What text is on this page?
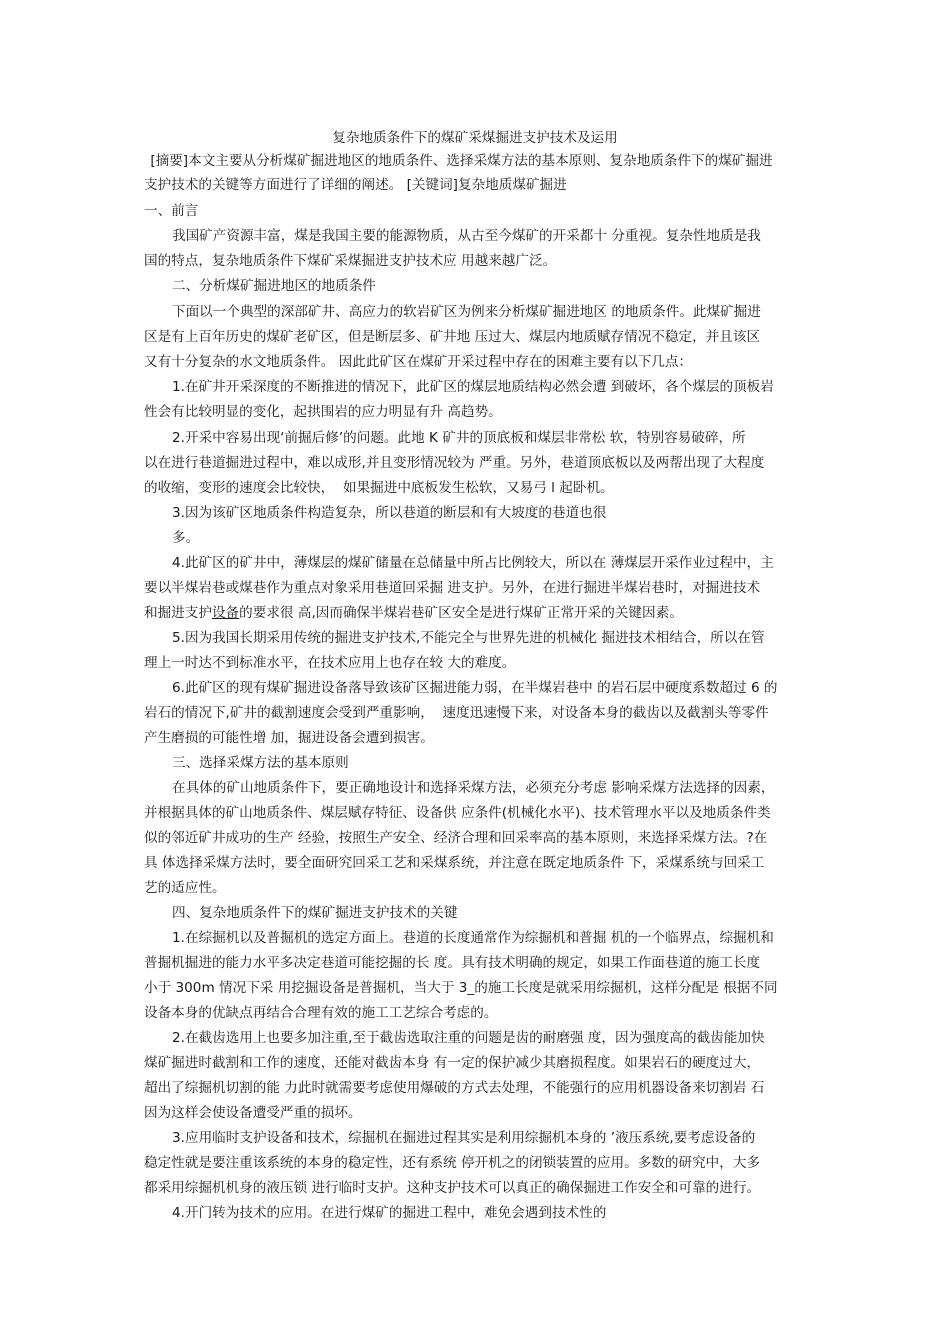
复杂地质条件下的煤矿采煤掘进支护技术及运用
[摘要]本文主要从分析煤矿掘进地区的地质条件、选择采煤方法的基本原则、复杂地质条件下的煤矿掘进
支护技术的关键等方面进行了详细的阐述。 [关键词]复杂地质煤矿掘进
一、前言
我国矿产资源丰富，煤是我国主要的能源物质，从古至今煤矿的开采都十 分重视。复杂性地质是我
国的特点，复杂地质条件下煤矿采煤掘进支护技术应 用越来越广泛。
二、分析煤矿掘进地区的地质条件
下面以一个典型的深部矿井、高应力的软岩矿区为例来分析煤矿掘进地区 的地质条件。此煤矿掘进
区是有上百年历史的煤矿老矿区，但是断层多、矿井地 压过大、煤层内地质赋存情况不稳定，并且该区
又有十分复杂的水文地质条件。 因此此矿区在煤矿开采过程中存在的困难主要有以下几点：
1.在矿井开采深度的不断推进的情况下，此矿区的煤层地质结构必然会遭 到破坏，各个煤层的顶板岩
性会有比较明显的变化，起拱围岩的应力明显有升 高趋势。
2.开采中容易出现‘前掘后修’的问题。此地 K 矿井的顶底板和煤层非常松 软，特别容易破碎，所
以在进行巷道掘进过程中，难以成形,并且变形情况较为 严重。另外，巷道顶底板以及两帮出现了大程度
的收缩，变形的速度会比较快，  如果掘进中底板发生松软，又易弓 l 起卧机。
3.因为该矿区地质条件构造复杂，所以巷道的断层和有大坡度的巷道也很
多。
4.此矿区的矿井中，薄煤层的煤矿储量在总储量中所占比例较大，所以在 薄煤层开采作业过程中，主
要以半煤岩巷或煤巷作为重点对象采用巷道回采掘 进支护。另外，在进行掘进半煤岩巷时，对掘进技术
和掘进支护设备的要求很 高,因而确保半煤岩巷矿区安全是进行煤矿正常开采的关键因素。
5.因为我国长期采用传统的掘进支护技术,不能完全与世界先进的机械化 掘进技术相结合，所以在管
理上一时达不到标准水平，在技术应用上也存在较 大的难度。
6.此矿区的现有煤矿掘进设备落导致该矿区掘进能力弱，在半煤岩巷中 的岩石层中硬度系数超过 6 的
岩石的情况下,矿井的截割速度会受到严重影响，  速度迅速慢下来，对设备本身的截齿以及截割头等零件
产生磨损的可能性增 加，掘进设备会遭到损害。
三、选择采煤方法的基本原则
在具体的矿山地质条件下，要正确地设计和选择采煤方法，必须充分考虑 影响采煤方法选择的因素，
并根据具体的矿山地质条件、煤层赋存特征、设备供 应条件(机械化水平)、技术管理水平以及地质条件类
似的邻近矿井成功的生产 经验，按照生产安全、经济合理和回采率高的基本原则，来选择采煤方法。?在
具 体选择采煤方法时，要全面研究回采工艺和采煤系统，并注意在既定地质条件 下，采煤系统与回采工
艺的适应性。
四、复杂地质条件下的煤矿掘进支护技术的关键
1.在综掘机以及普掘机的选定方面上。巷道的长度通常作为综掘机和普掘 机的一个临界点，综掘机和
普掘机掘进的能力水平多决定巷道可能挖掘的长 度。具有技术明确的规定，如果工作面巷道的施工长度
小于 300m 情况下采 用挖掘设备是普掘机，当大于 3_的施工长度是就采用综掘机，这样分配是 根据不同
设备本身的优缺点再结合合理有效的施工工艺综合考虑的。
2.在截齿选用上也要多加注重,至于截齿选取注重的问题是齿的耐磨强 度，因为强度高的截齿能加快
煤矿掘进时截割和工作的速度，还能对截齿本身 有一定的保护减少其磨损程度。如果岩石的硬度过大，
超出了综掘机切割的能 力此时就需要考虑使用爆破的方式去处理，不能强行的应用机器设备来切割岩 石
因为这样会使设备遭受严重的损坏。
3.应用临时支护设备和技术，综掘机在掘进过程其实是利用综掘机本身的 ’液压系统,要考虑设备的
稳定性就是要注重该系统的本身的稳定性，还有系统 停开机之的闭锁装置的应用。多数的研究中，大多
都采用综掘机机身的液压锁 进行临时支护。这种支护技术可以真正的确保掘进工作安全和可靠的进行。
4.开门转为技术的应用。在进行煤矿的掘进工程中，难免会遇到技术性的
